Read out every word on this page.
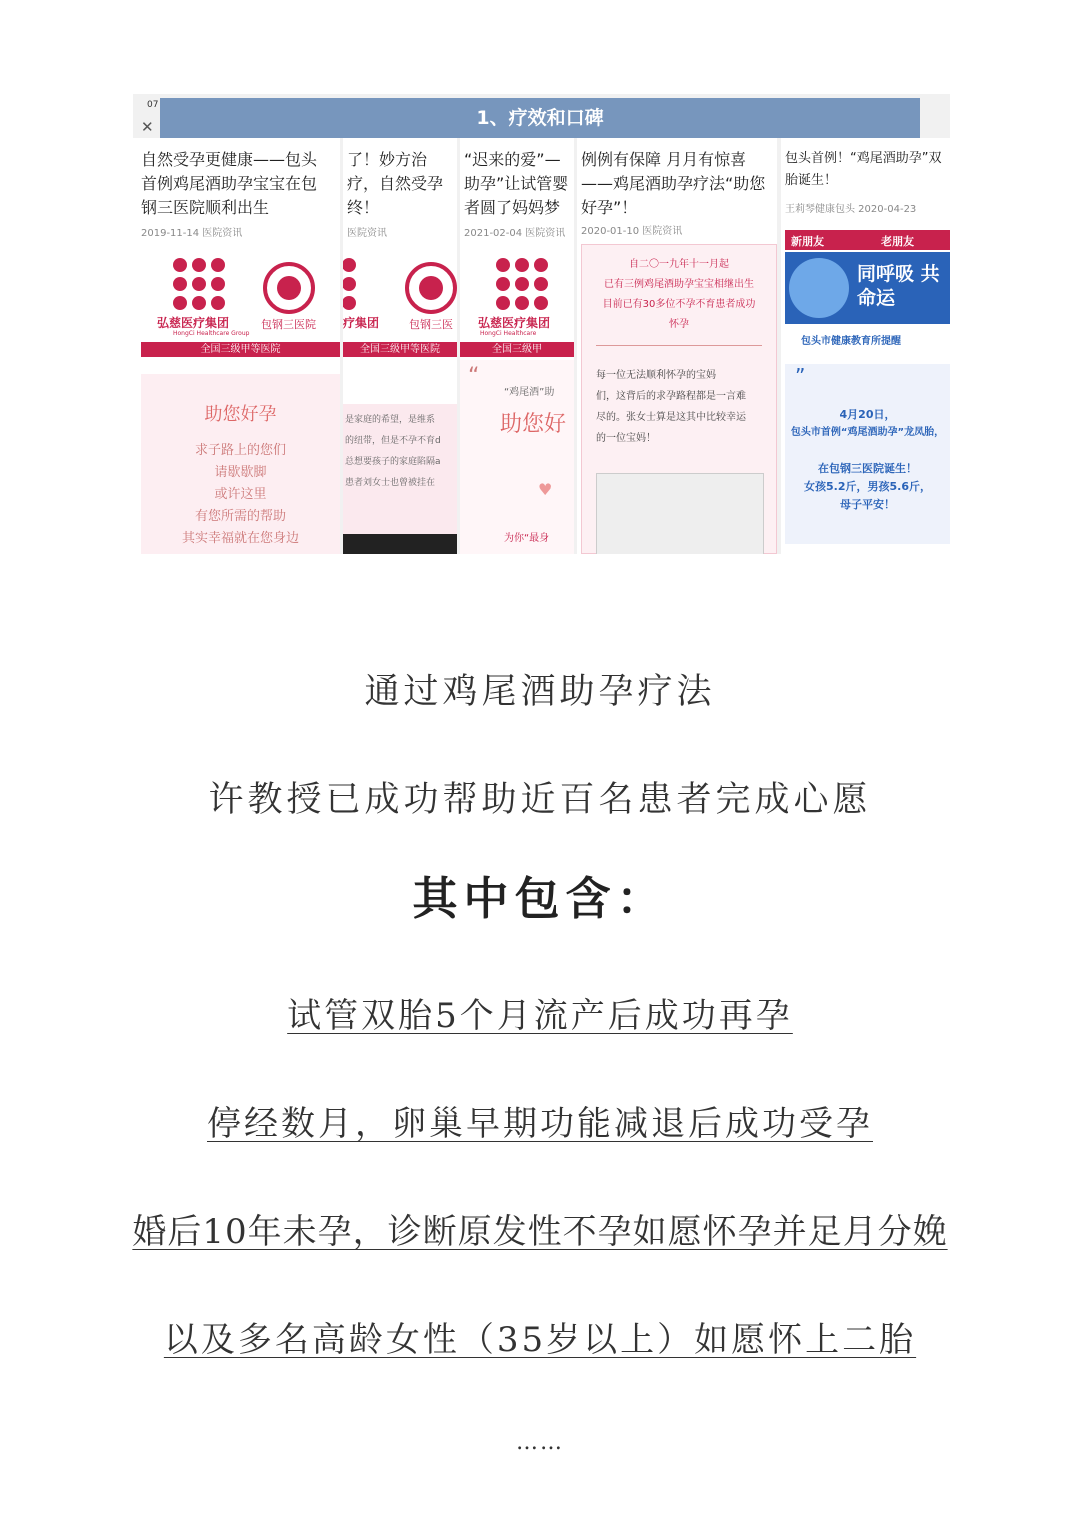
07
✕	1、疗效和口碑
自然受孕更健康——包头首例鸡尾酒助孕宝宝在包钢三医院顺利出生
2019-11-14 医院资讯
弘慈医疗集团
HongCi Healthcare Group
包钢三医院
全国三级甲等医院
助您好孕
求子路上的您们
请歇歇脚
或许这里
有您所需的帮助
其实幸福就在您身边
了！妙方治疗，自然受孕终！
医院资讯
疗集团	包钢三医
全国三级甲等医院
是家庭的希望，是维系
的纽带，但是不孕不育d
总想要孩子的家庭陷隔a
患者刘女士也曾被挂在
“迟来的爱”—助孕”让试管婴者圆了妈妈梦
2021-02-04 医院资讯
弘慈医疗集团
HongCi Healthcare
全国三级甲
“
“鸡尾酒”助
助您好
♥
为你“最身
例例有保障 月月有惊喜——鸡尾酒助孕疗法“助您好孕”！
2020-01-10 医院资讯
自二〇一九年十一月起
已有三例鸡尾酒助孕宝宝相继出生
目前已有30多位不孕不育患者成功
怀孕
每一位无法顺利怀孕的宝妈
们，这背后的求孕路程都是一言难
尽的。张女士算是这其中比较幸运
的一位宝妈！
包头首例！“鸡尾酒助孕”双胎诞生！
王莉琴 健康包头 2020-04-23
新朋友	老朋友
同呼吸 共命运
包头市健康教育所提醒
”
4月20日，
包头市首例“鸡尾酒助孕”龙凤胎，
在包钢三医院诞生！
女孩5.2斤，男孩5.6斤，
母子平安！
通过鸡尾酒助孕疗法
许教授已成功帮助近百名患者完成心愿
其中包含：
试管双胎5个月流产后成功再孕
停经数月，卵巢早期功能减退后成功受孕
婚后10年未孕，诊断原发性不孕如愿怀孕并足月分娩
以及多名高龄女性（35岁以上）如愿怀上二胎
……
